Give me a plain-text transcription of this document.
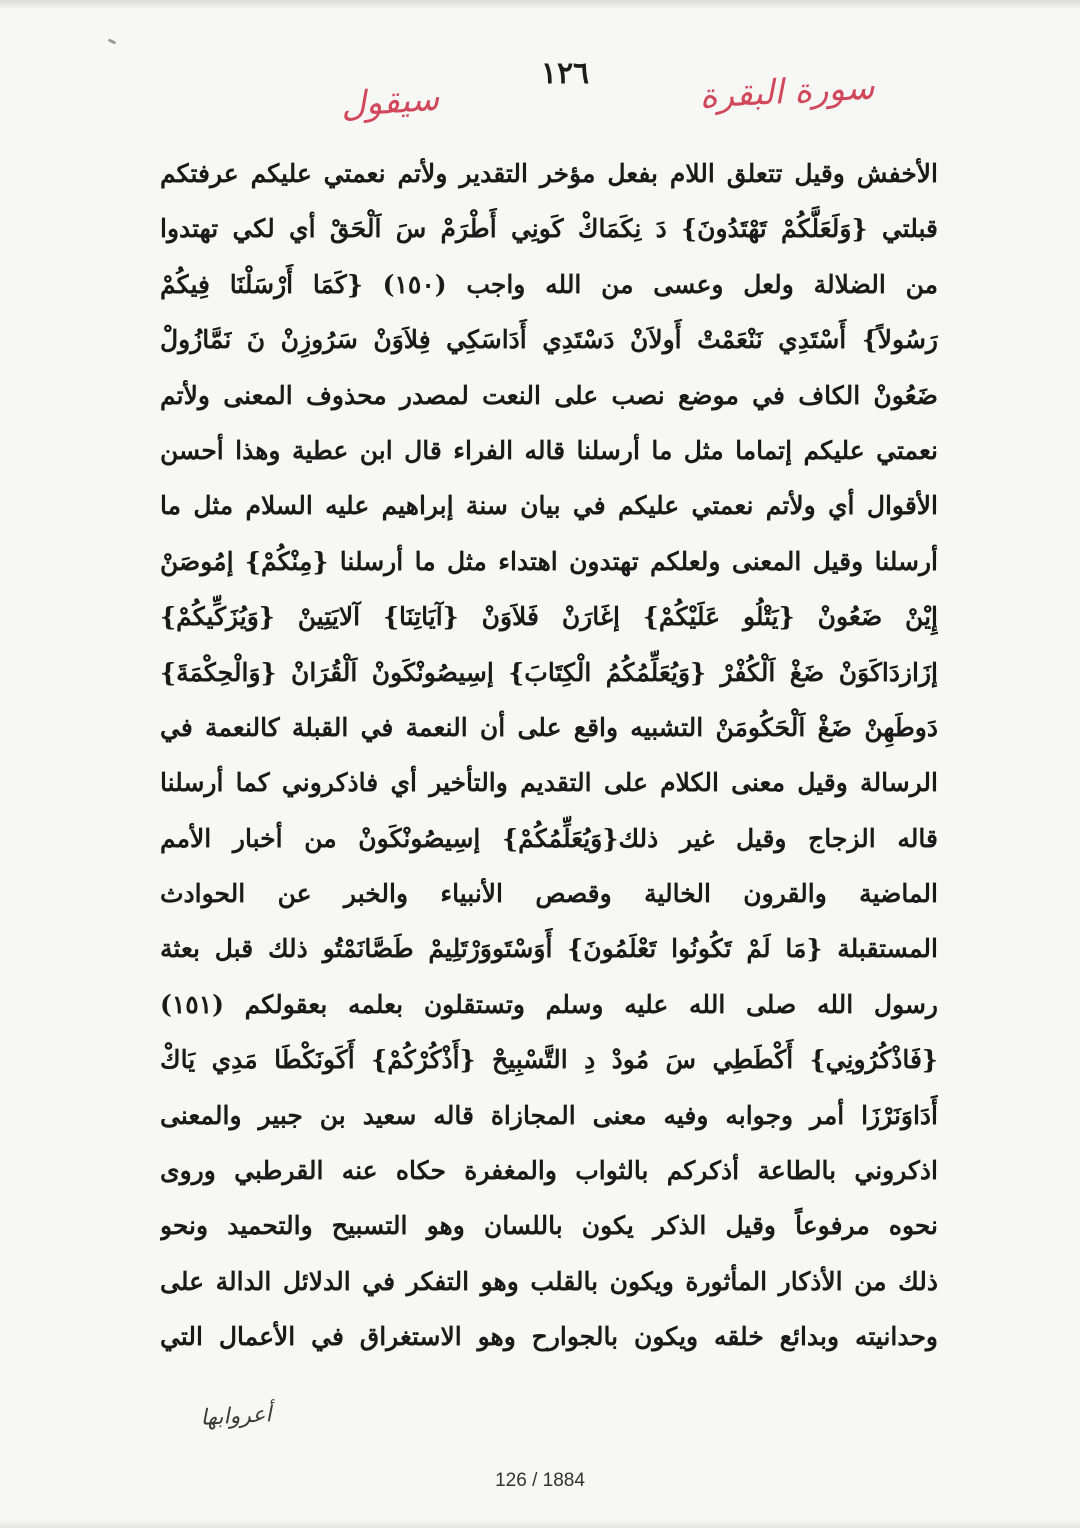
سورة البقرة
١٢٦
سيقول
الأخفش وقيل تتعلق اللام بفعل مؤخر التقدير ولأتم نعمتي عليكم عرفتكم
قبلتي {وَلَعَلَّكُمْ تَهْتَدُونَ} دَ نِكَمَاكْ كَونِي أَطْرَمْ سَ اَلْحَقْ أي لكي تهتدوا
من الضلالة ولعل وعسى من الله واجب (١٥٠) {كَمَا أَرْسَلْنَا فِيكُمْ
رَسُولاً} أَسْتَدِي نَنْعَمْتْ أَولاَنْ دَسْتَدِي أَدَاسَكِي فِلاَوَنْ سَرُوزِنْ نَ نَمَّازُولْ
ضَعُونْ الكاف في موضع نصب على النعت لمصدر محذوف المعنى ولأتم
نعمتي عليكم إتماما مثل ما أرسلنا قاله الفراء قال ابن عطية وهذا أحسن
الأقوال أي ولأتم نعمتي عليكم في بيان سنة إبراهيم عليه السلام مثل ما
أرسلنا وقيل المعنى ولعلكم تهتدون اهتداء مثل ما أرسلنا {مِنْكُمْ} إمُوصَنْ
إِيْنْ ضَعُونْ {يَتْلُو عَلَيْكُمْ} إغَارَنْ فَلاَوَنْ {آيَاتِنَا} آلايَتِينْ {وَيُزَكِّيكُمْ}
إزَازدَاكَوَنْ ضَغْ اَلْكُفْرْ {وَيُعَلِّمُكُمُ الْكِتَابَ} إسِيصُونْكَونْ اَلْقُرَانْ {وَالْحِكْمَةَ}
دَوطَهِنْ ضَغْ اَلْحَكُومَنْ التشبيه واقع على أن النعمة في القبلة كالنعمة في
الرسالة وقيل معنى الكلام على التقديم والتأخير أي فاذكروني كما أرسلنا
قاله الزجاج وقيل غير ذلك{وَيُعَلِّمُكُمْ} إسِيصُونْكَونْ من أخبار الأمم
الماضية والقرون الخالية وقصص الأنبياء والخبر عن الحوادث
المستقبلة {مَا لَمْ تَكُونُوا تَعْلَمُونَ} أَوَسْتَووَرْتَلِيمْ طَصَّانَمْتُو ذلك قبل بعثة
رسول الله صلى الله عليه وسلم وتستقلون بعلمه بعقولكم (١٥١)
{فَاذْكُرُونِي} أَكْطَطِي سَ مُودْ دِ التَّسْبِيحْ {أَذْكُرْكُمْ} أَكَونَكْطَا مَدِي يَاكْ
أَدَاوَنَرْزَا أمر وجوابه وفيه معنى المجازاة قاله سعيد بن جبير والمعنى
اذكروني بالطاعة أذكركم بالثواب والمغفرة حكاه عنه القرطبي وروى
نحوه مرفوعاً وقيل الذكر يكون باللسان وهو التسبيح والتحميد ونحو
ذلك من الأذكار المأثورة ويكون بالقلب وهو التفكر في الدلائل الدالة على
وحدانيته وبدائع خلقه ويكون بالجوارح وهو الاستغراق في الأعمال التي
أعروابها
126 / 1884
